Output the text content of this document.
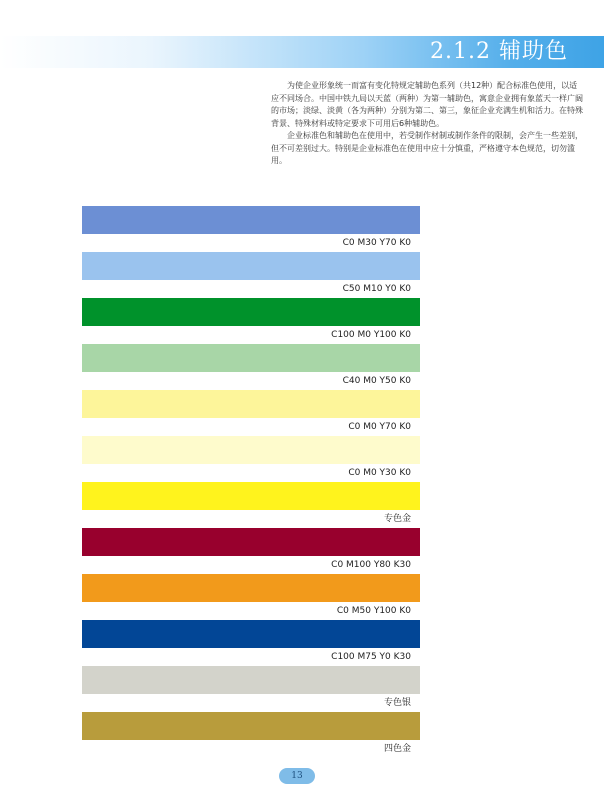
2.1.2 辅助色

为使企业形象统一而富有变化特规定辅助色系列（共12种）配合标准色使用，以适应不同场合。中国中铁九局以天蓝（两种）为第一辅助色，寓意企业拥有象蓝天一样广阔的市场；淡绿、淡黄（各为两种）分别为第二、第三，象征企业充满生机和活力。在特殊背景、特殊材料或特定要求下可用后6种辅助色。

企业标准色和辅助色在使用中，若受制作材制或制作条件的限制，会产生一些差别，但不可差别过大。特别是企业标准色在使用中应十分慎重，严格遵守本色规范，切勿滥用。

C0 M30 Y70 K0
C50 M10 Y0 K0
C100 M0 Y100 K0
C40 M0 Y50 K0
C0 M0 Y70 K0
C0 M0 Y30 K0
专色金
C0 M100 Y80 K30
C0 M50 Y100 K0
C100 M75 Y0 K30
专色银
四色金
13
